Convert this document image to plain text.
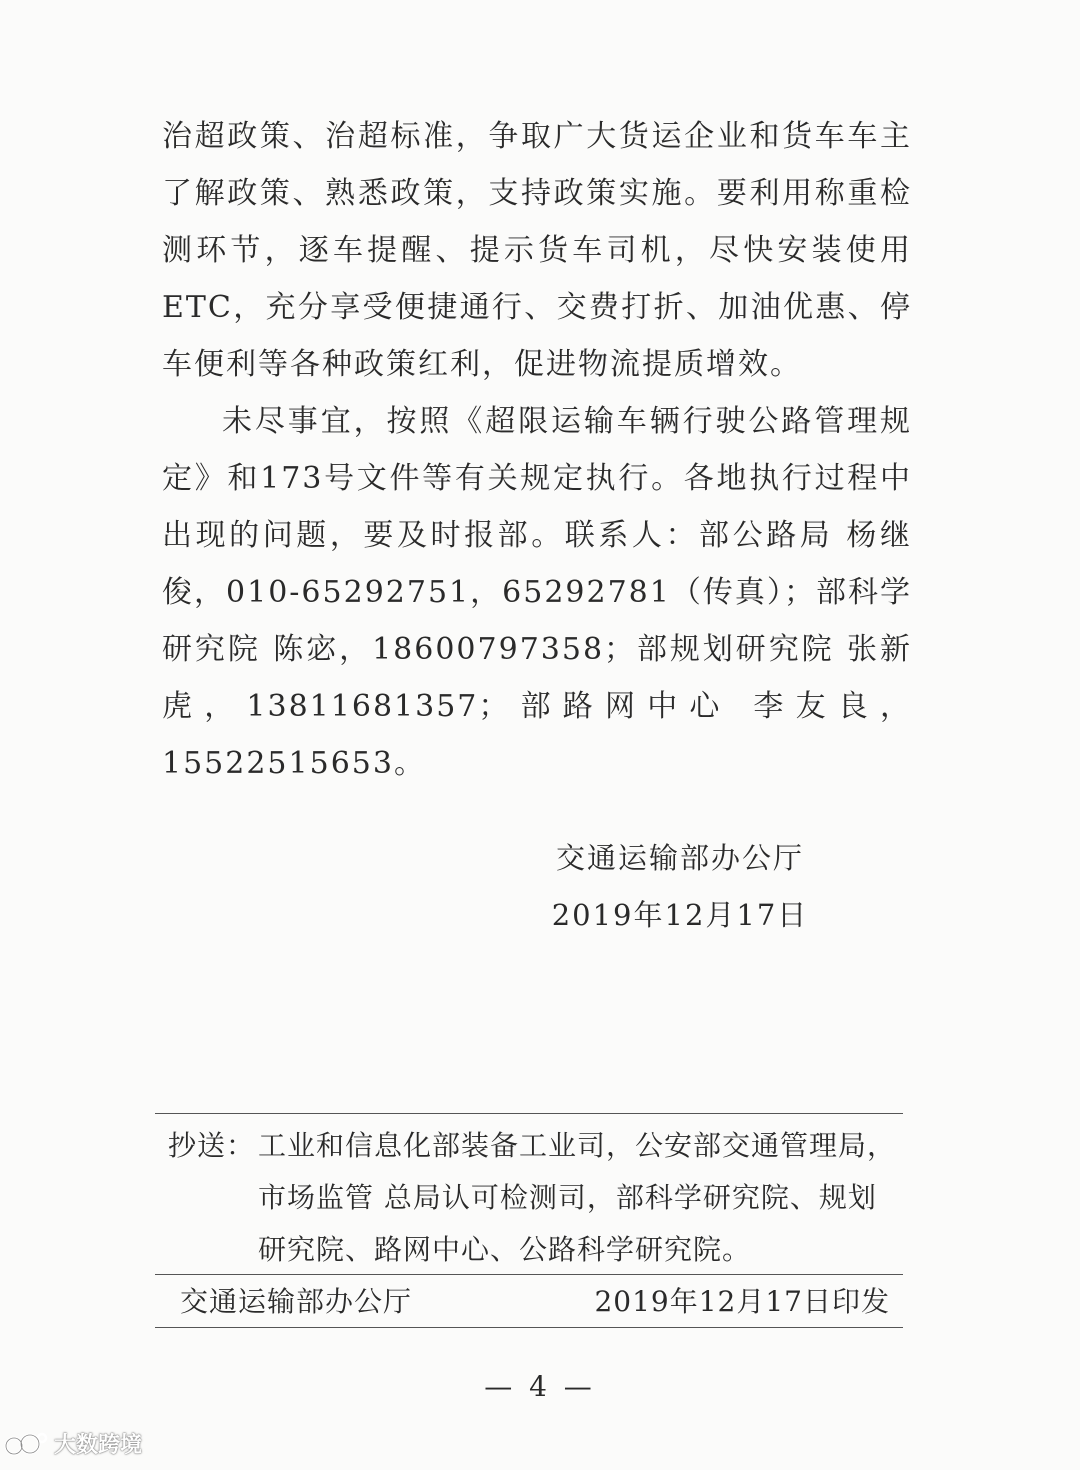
治超政策、治超标准，争取广大货运企业和货车车主了解政策、熟悉政策，支持政策实施。要利用称重检测环节，逐车提醒、提示货车司机，尽快安装使用ETC，充分享受便捷通行、交费打折、加油优惠、停车便利等各种政策红利，促进物流提质增效。

未尽事宜，按照《超限运输车辆行驶公路管理规定》和173号文件等有关规定执行。各地执行过程中出现的问题，要及时报部。联系人：部公路局 杨继俊，010-65292751，65292781（传真）；部科学研究院 陈宓，18600797358；部规划研究院 张新虎，13811681357；部路网中心 李友良，15522515653。

交通运输部办公厅
2019年12月17日
抄送： 工业和信息化部装备工业司，公安部交通管理局，市场监管 总局认可检测司，部科学研究院、规划研究院、路网中心、公路科学研究院。
交通运输部办公厅	2019年12月17日印发
— 4 —
大数跨境
